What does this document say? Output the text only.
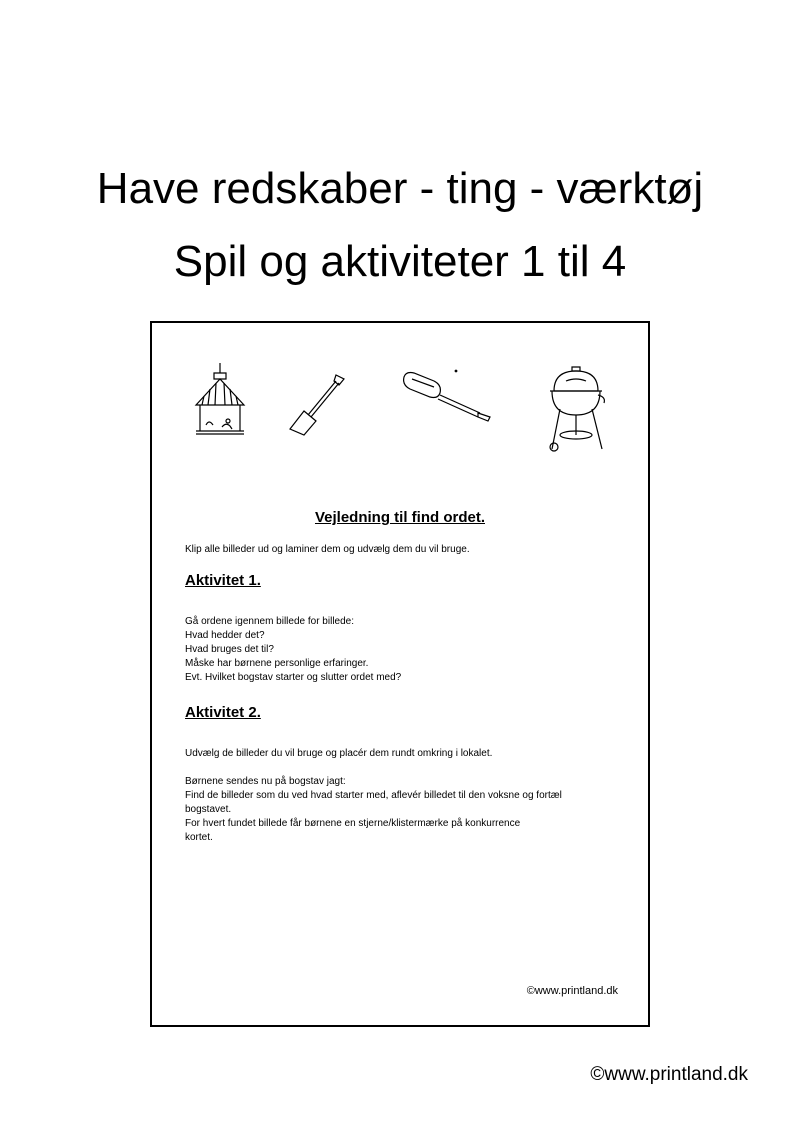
Have redskaber - ting - værktøj
Spil og aktiviteter 1 til 4

Vejledning til find ordet.

Klip alle billeder ud og laminer dem og udvælg dem du vil bruge.

Aktivitet 1.

Gå ordene igennem billede for billede:

Hvad hedder det?

Hvad bruges det til?

Måske har børnene personlige erfaringer.

Evt. Hvilket bogstav starter og slutter ordet med?

Aktivitet 2.

Udvælg de billeder du vil bruge og placér dem rundt omkring i lokalet.

Børnene sendes nu på bogstav jagt:

Find de billeder som du ved hvad starter med, aflevér billedet til den voksne og fortæl

bogstavet.

For hvert fundet billede får børnene en stjerne/klistermærke på konkurrence

kortet.

©www.printland.dk

©www.printland.dk
